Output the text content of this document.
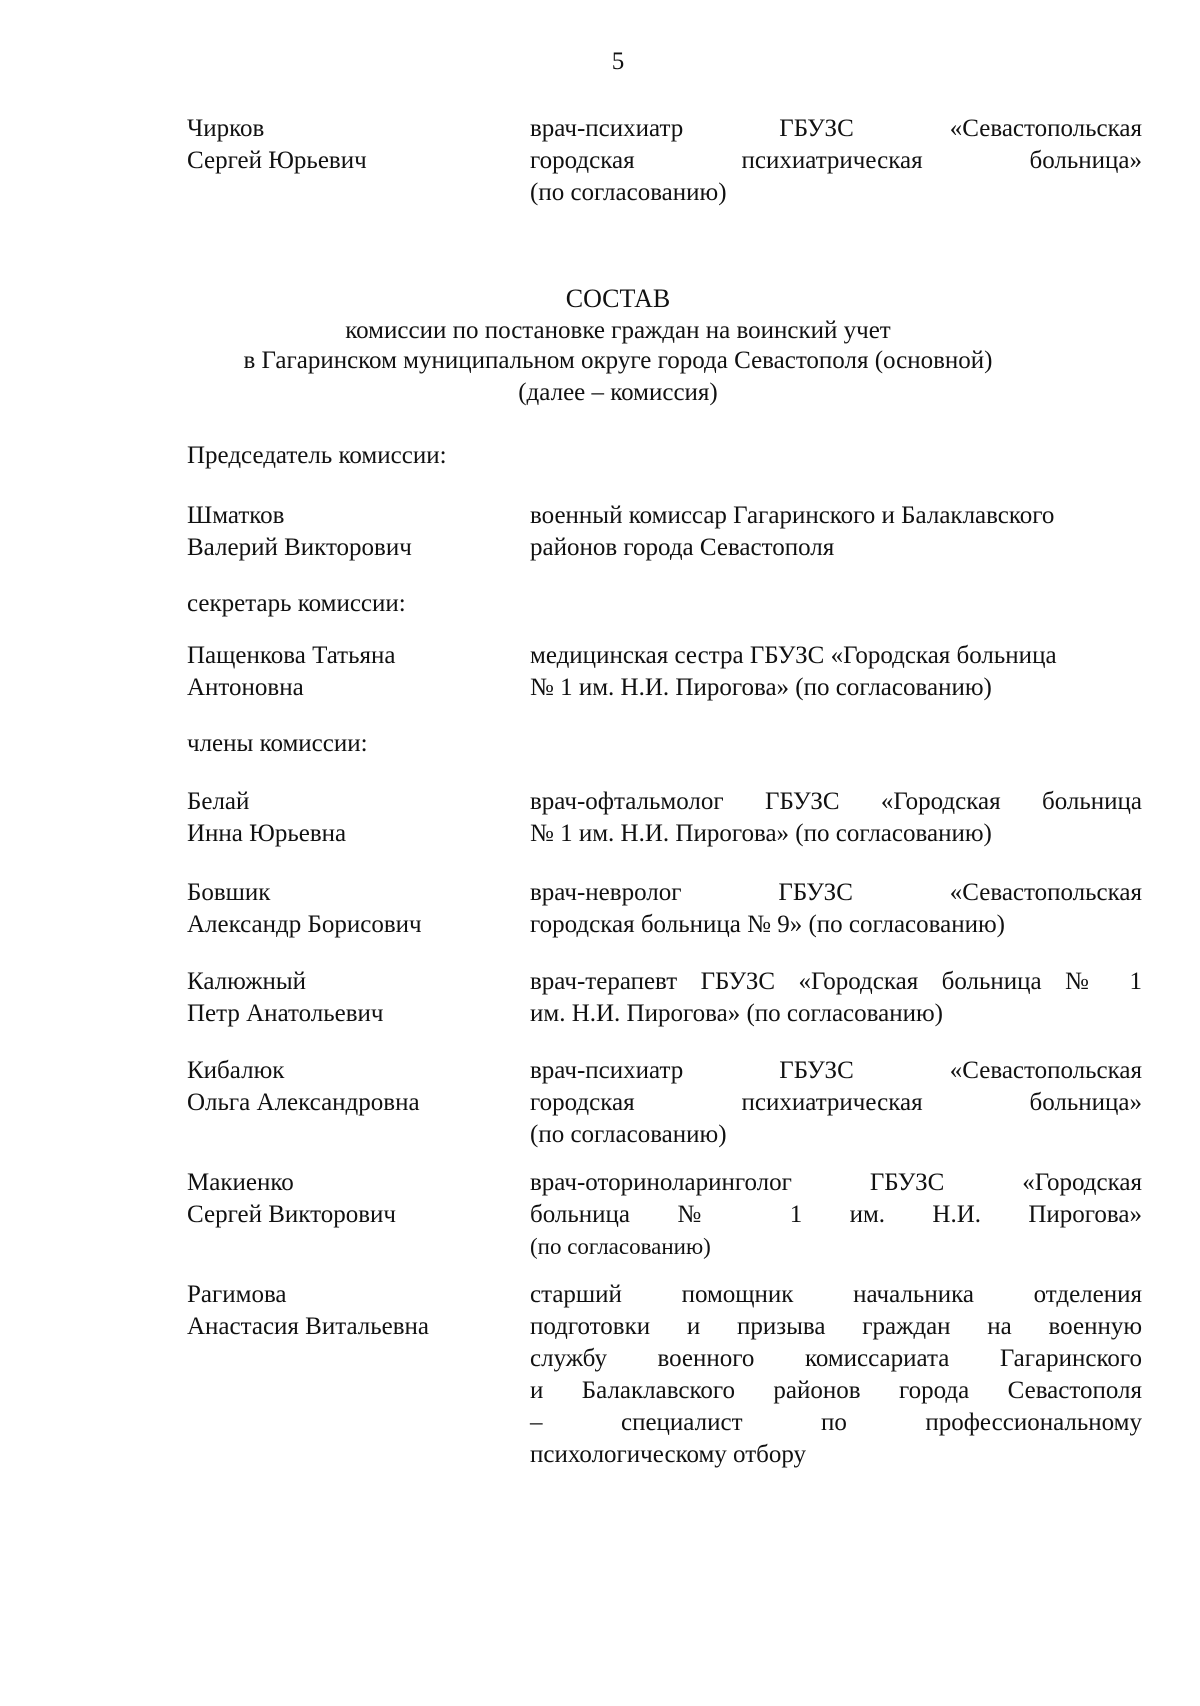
5
Чирков
Сергей Юрьевич
врач-психиатр ГБУЗС «Севастопольская
городская психиатрическая больница»
(по согласованию)
СОСТАВ
комиссии по постановке граждан на воинский учет
в Гагаринском муниципальном округе города Севастополя (основной)
(далее – комиссия)
Председатель комиссии:
Шматков
Валерий Викторович
военный комиссар Гагаринского и Балаклавского
районов города Севастополя
секретарь комиссии:
Пащенкова Татьяна
Антоновна
медицинская сестра ГБУЗС «Городская больница
№ 1 им. Н.И. Пирогова» (по согласованию)
члены комиссии:
Белай
Инна Юрьевна
врач-офтальмолог ГБУЗС «Городская больница
№ 1 им. Н.И. Пирогова» (по согласованию)
Бовшик
Александр Борисович
врач-невролог ГБУЗС «Севастопольская
городская больница № 9» (по согласованию)
Калюжный
Петр Анатольевич
врач-терапевт ГБУЗС «Городская больница № 1
им. Н.И. Пирогова» (по согласованию)
Кибалюк
Ольга Александровна
врач-психиатр ГБУЗС «Севастопольская
городская психиатрическая больница»
(по согласованию)
Макиенко
Сергей Викторович
врач-оториноларинголог ГБУЗС «Городская
больница № 1 им. Н.И. Пирогова»
(по согласованию)
Рагимова
Анастасия Витальевна
старший помощник начальника отделения
подготовки и призыва граждан на военную
службу военного комиссариата Гагаринского
и Балаклавского районов города Севастополя
– специалист по профессиональному
психологическому отбору
